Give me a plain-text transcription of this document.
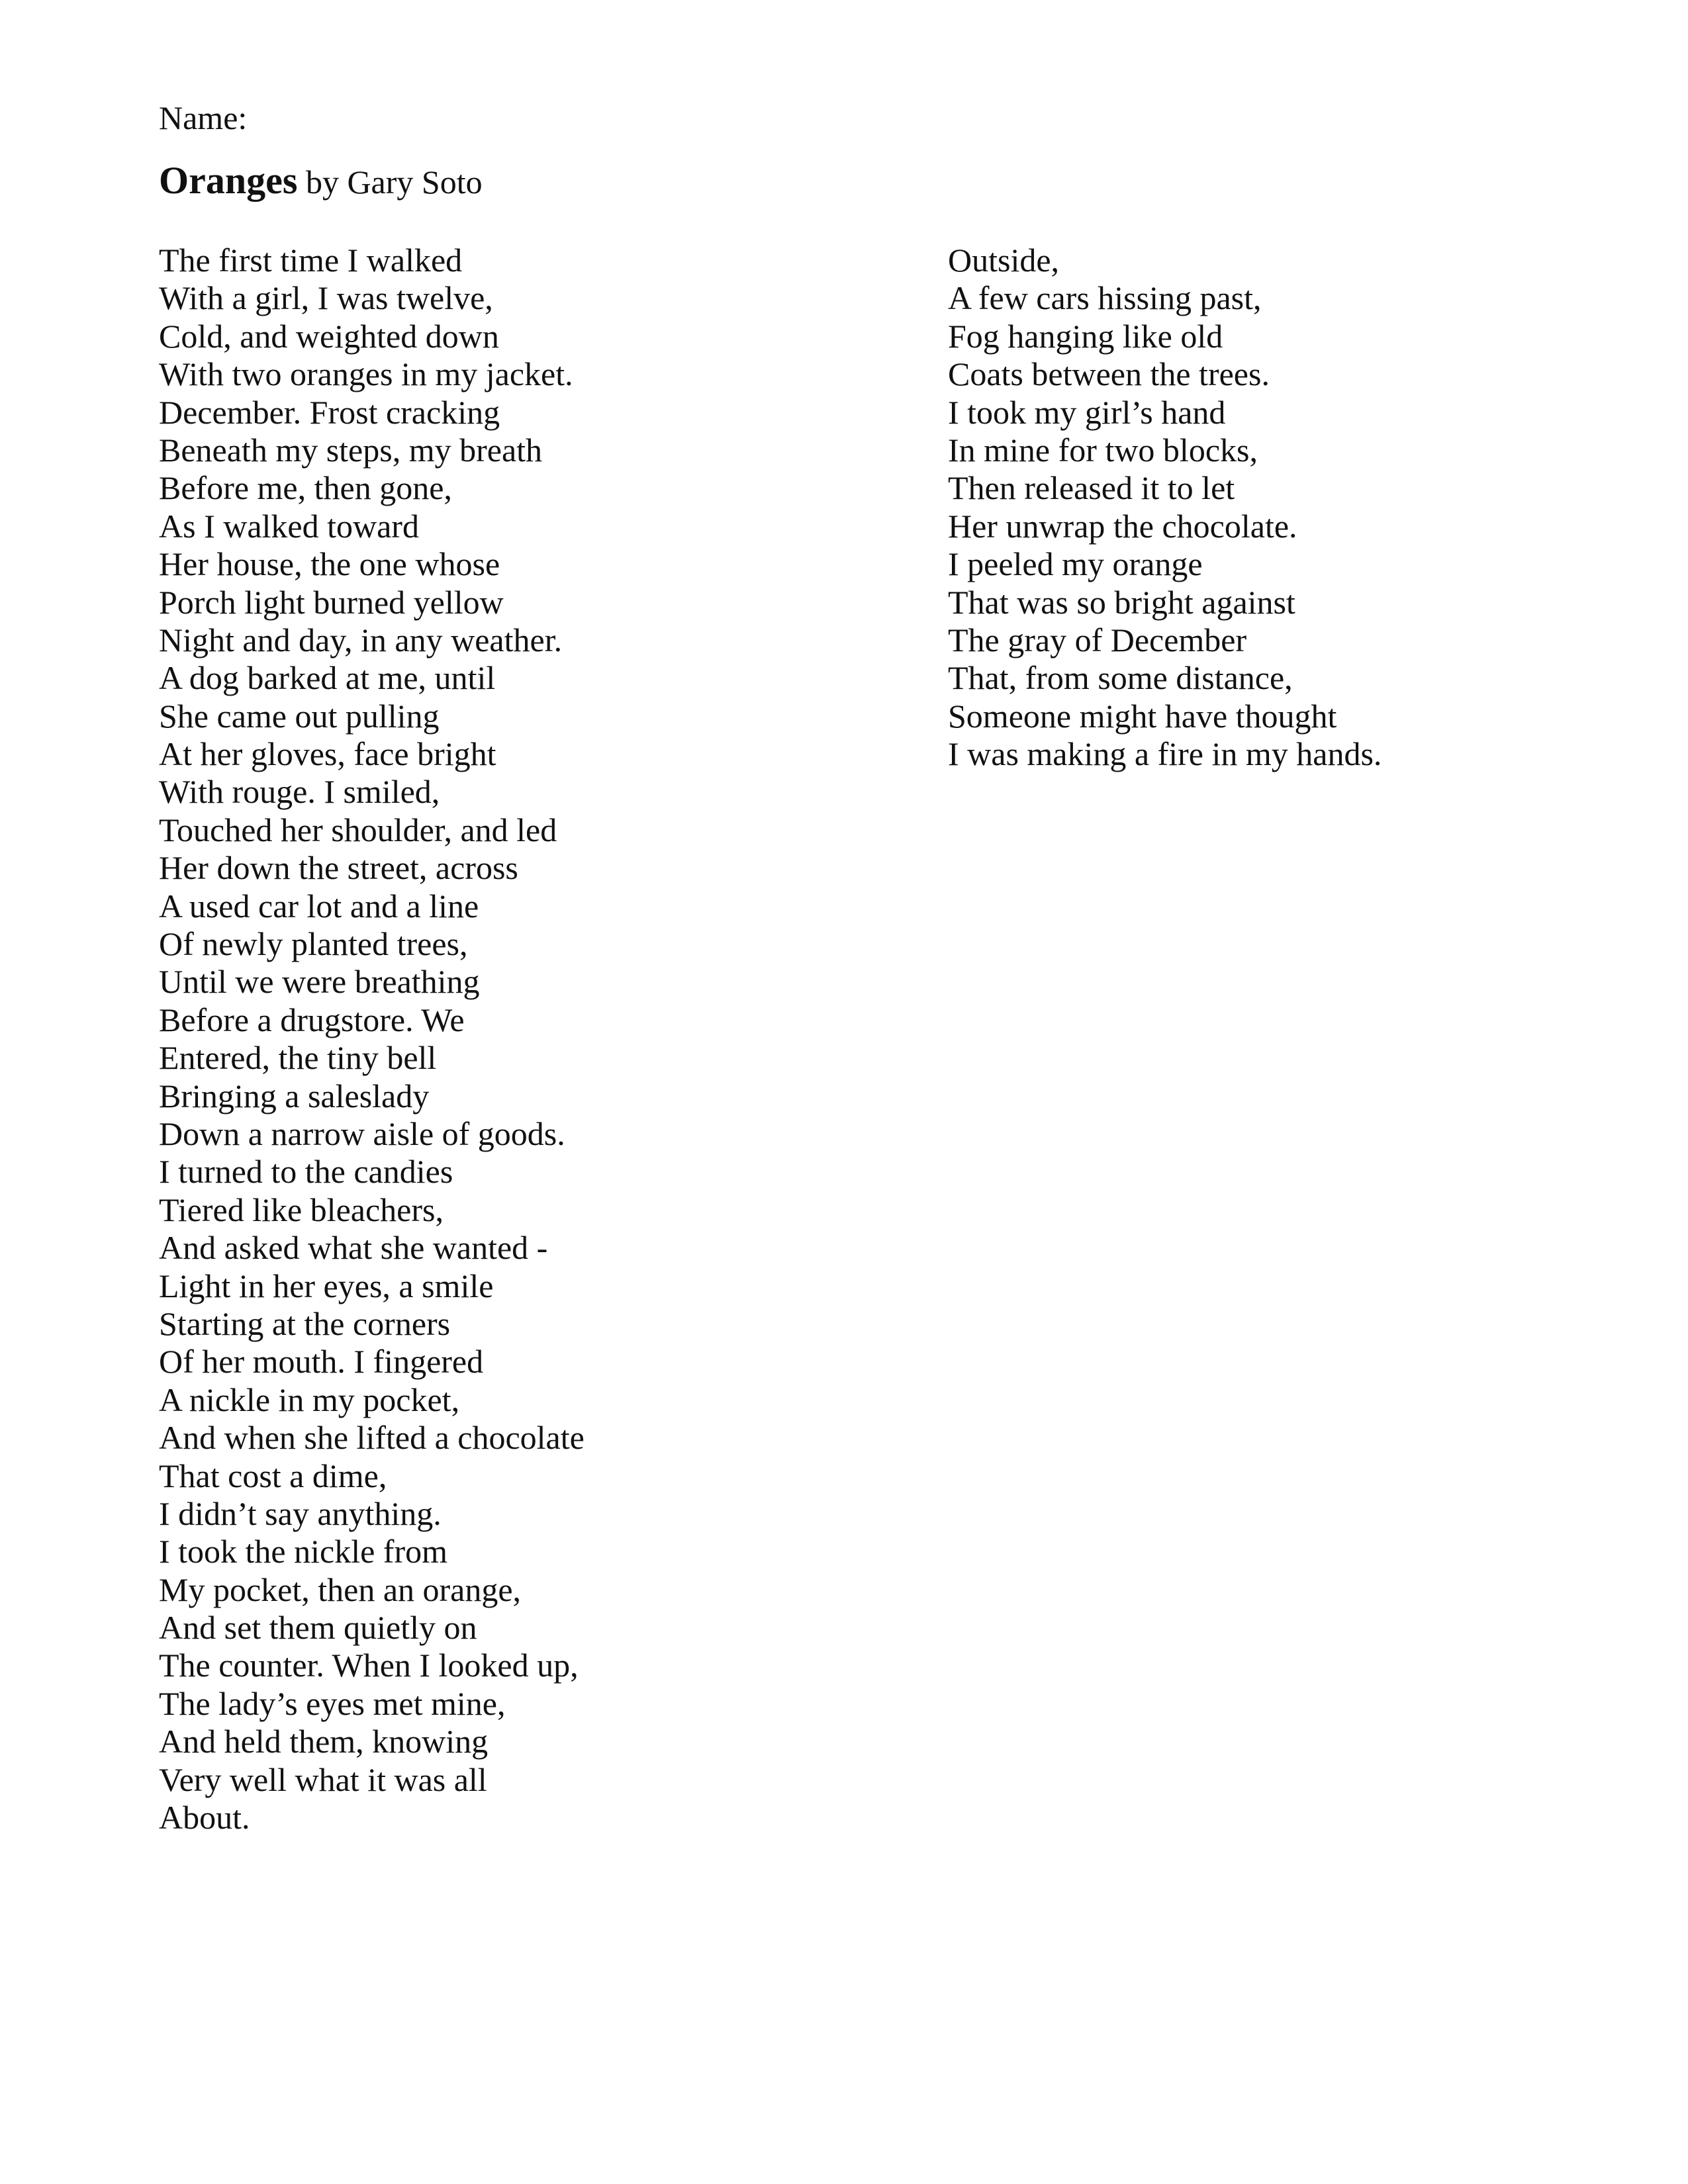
Name:
Oranges by Gary Soto
The first time I walked
With a girl, I was twelve,
Cold, and weighted down
With two oranges in my jacket.
December. Frost cracking
Beneath my steps, my breath
Before me, then gone,
As I walked toward
Her house, the one whose
Porch light burned yellow
Night and day, in any weather.
A dog barked at me, until
She came out pulling
At her gloves, face bright
With rouge. I smiled,
Touched her shoulder, and led
Her down the street, across
A used car lot and a line
Of newly planted trees,
Until we were breathing
Before a drugstore. We
Entered, the tiny bell
Bringing a saleslady
Down a narrow aisle of goods.
I turned to the candies
Tiered like bleachers,
And asked what she wanted -
Light in her eyes, a smile
Starting at the corners
Of her mouth. I fingered
A nickle in my pocket,
And when she lifted a chocolate
That cost a dime,
I didn’t say anything.
I took the nickle from
My pocket, then an orange,
And set them quietly on
The counter. When I looked up,
The lady’s eyes met mine,
And held them, knowing
Very well what it was all
About.
Outside,
A few cars hissing past,
Fog hanging like old
Coats between the trees.
I took my girl’s hand
In mine for two blocks,
Then released it to let
Her unwrap the chocolate.
I peeled my orange
That was so bright against
The gray of December
That, from some distance,
Someone might have thought
I was making a fire in my hands.
